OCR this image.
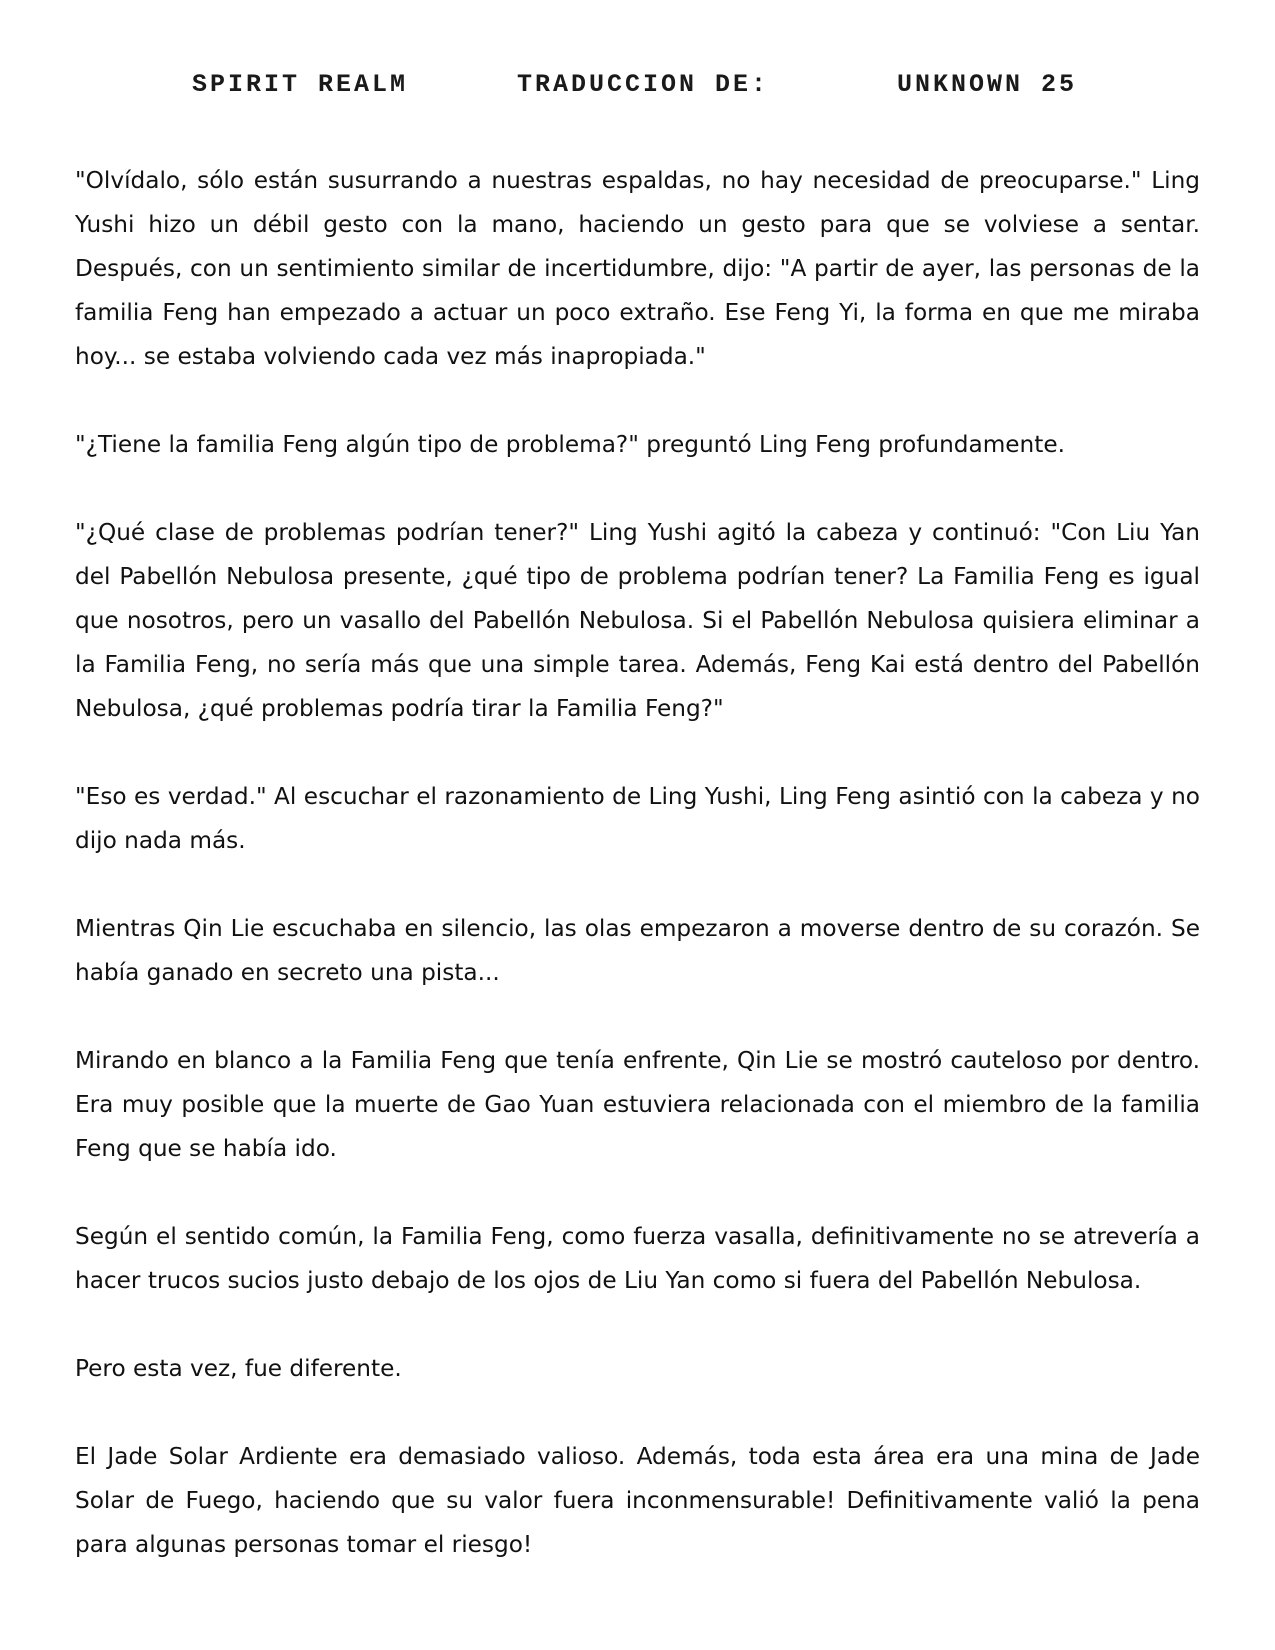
SPIRIT REALM	TRADUCCION DE:	UNKNOWN 25

"Olvídalo, sólo están susurrando a nuestras espaldas, no hay necesidad de preocuparse." Ling Yushi hizo un débil gesto con la mano, haciendo un gesto para que se volviese a sentar. Después, con un sentimiento similar de incertidumbre, dijo: "A partir de ayer, las personas de la familia Feng han empezado a actuar un poco extraño. Ese Feng Yi, la forma en que me miraba hoy... se estaba volviendo cada vez más inapropiada."

"¿Tiene la familia Feng algún tipo de problema?" preguntó Ling Feng profundamente.

"¿Qué clase de problemas podrían tener?" Ling Yushi agitó la cabeza y continuó: "Con Liu Yan del Pabellón Nebulosa presente, ¿qué tipo de problema podrían tener? La Familia Feng es igual que nosotros, pero un vasallo del Pabellón Nebulosa. Si el Pabellón Nebulosa quisiera eliminar a la Familia Feng, no sería más que una simple tarea. Además, Feng Kai está dentro del Pabellón Nebulosa, ¿qué problemas podría tirar la Familia Feng?"

"Eso es verdad." Al escuchar el razonamiento de Ling Yushi, Ling Feng asintió con la cabeza y no dijo nada más.

Mientras Qin Lie escuchaba en silencio, las olas empezaron a moverse dentro de su corazón. Se había ganado en secreto una pista...

Mirando en blanco a la Familia Feng que tenía enfrente, Qin Lie se mostró cauteloso por dentro. Era muy posible que la muerte de Gao Yuan estuviera relacionada con el miembro de la familia Feng que se había ido.

Según el sentido común, la Familia Feng, como fuerza vasalla, definitivamente no se atrevería a hacer trucos sucios justo debajo de los ojos de Liu Yan como si fuera del Pabellón Nebulosa.

Pero esta vez, fue diferente.

El Jade Solar Ardiente era demasiado valioso. Además, toda esta área era una mina de Jade Solar de Fuego, haciendo que su valor fuera inconmensurable! Definitivamente valió la pena para algunas personas tomar el riesgo!
